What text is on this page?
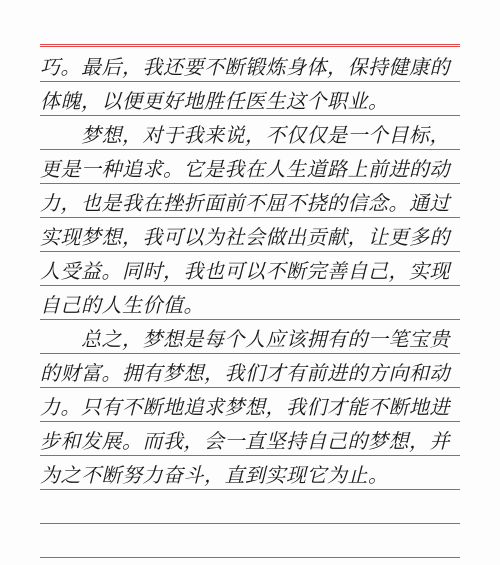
巧。最后，我还要不断锻炼身体，保持健康的
体魄，以便更好地胜任医生这个职业。
　　梦想，对于我来说，不仅仅是一个目标，
更是一种追求。它是我在人生道路上前进的动
力，也是我在挫折面前不屈不挠的信念。通过
实现梦想，我可以为社会做出贡献，让更多的
人受益。同时，我也可以不断完善自己，实现
自己的人生价值。
　　总之，梦想是每个人应该拥有的一笔宝贵
的财富。拥有梦想，我们才有前进的方向和动
力。只有不断地追求梦想，我们才能不断地进
步和发展。而我，会一直坚持自己的梦想，并
为之不断努力奋斗，直到实现它为止。
